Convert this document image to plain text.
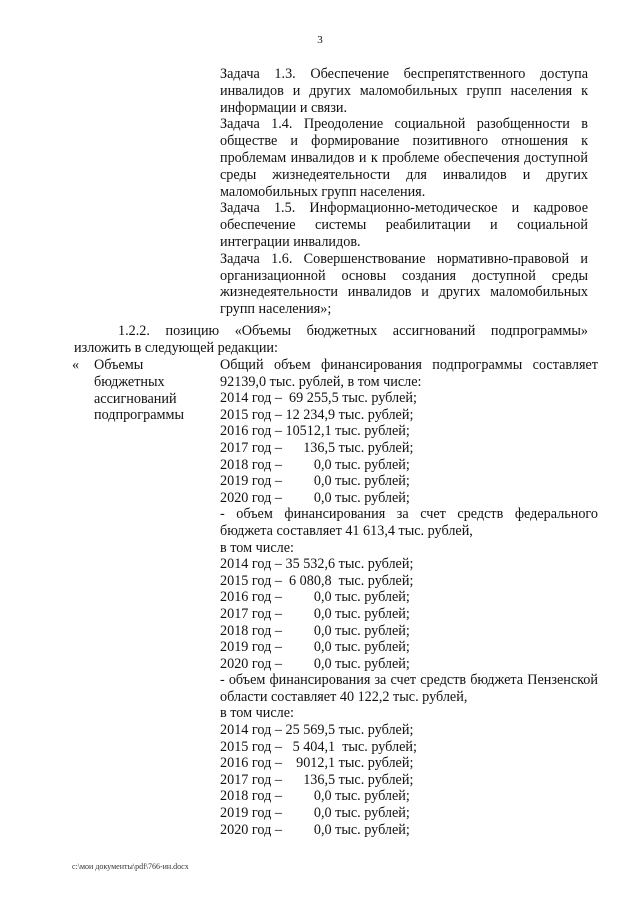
3

Задача 1.3. Обеспечение беспрепятственного доступа инвалидов и других маломобильных групп населения к информации и связи.

Задача 1.4. Преодоление социальной разобщенности в обществе и формирование позитивного отношения к проблемам инвалидов и к проблеме обеспечения доступной среды жизнедеятельности для инвалидов и других маломобильных групп населения.

Задача 1.5. Информационно-методическое и кадровое обеспечение системы реабилитации и социальной интеграции инвалидов.

Задача 1.6. Совершенствование нормативно-правовой и организационной основы создания доступной среды жизнедеятельности инвалидов и других маломобильных групп населения»;

1.2.2. позицию «Объемы бюджетных ассигнований подпрограммы» изложить в следующей редакции:

« Объемы
бюджетных
ассигнований
подпрограммы

Общий объем финансирования подпрограммы составляет 92139,0 тыс. рублей, в том числе:

2014 год –  69 255,5 тыс. рублей;

2015 год – 12 234,9 тыс. рублей;

2016 год – 10512,1 тыс. рублей;

2017 год –      136,5 тыс. рублей;

2018 год –         0,0 тыс. рублей;

2019 год –         0,0 тыс. рублей;

2020 год –         0,0 тыс. рублей;

- объем финансирования за счет средств федерального бюджета составляет 41 613,4 тыс. рублей,

в том числе:

2014 год – 35 532,6 тыс. рублей;

2015 год –  6 080,8  тыс. рублей;

2016 год –         0,0 тыс. рублей;

2017 год –         0,0 тыс. рублей;

2018 год –         0,0 тыс. рублей;

2019 год –         0,0 тыс. рублей;

2020 год –         0,0 тыс. рублей;

- объем финансирования за счет средств бюджета Пензенской области составляет 40 122,2 тыс. рублей,

в том числе:

2014 год – 25 569,5 тыс. рублей;

2015 год –   5 404,1  тыс. рублей;

2016 год –    9012,1 тыс. рублей;

2017 год –      136,5 тыс. рублей;

2018 год –         0,0 тыс. рублей;

2019 год –         0,0 тыс. рублей;

2020 год –         0,0 тыс. рублей;

c:\мои документы\pdf\766-ин.docx
